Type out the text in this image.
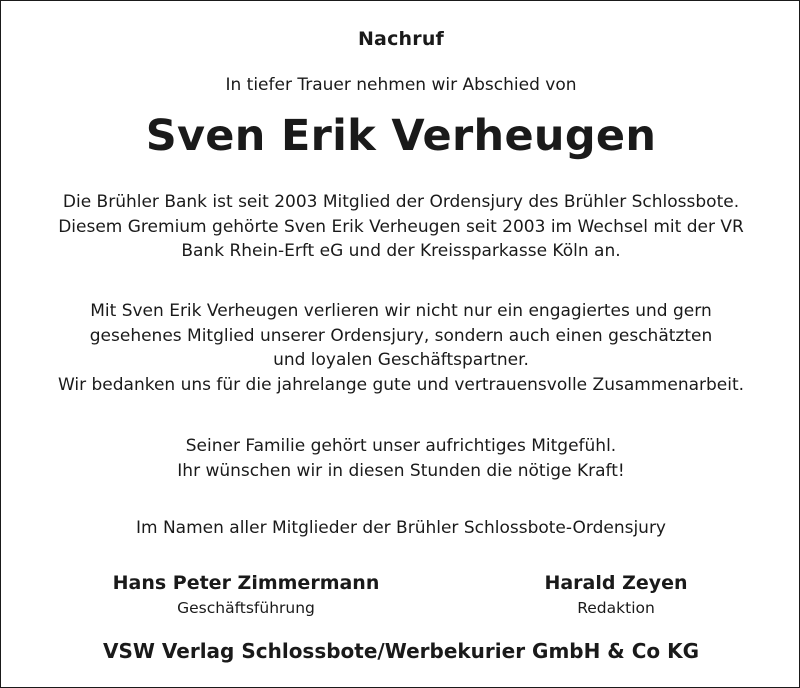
Nachruf
In tiefer Trauer nehmen wir Abschied von
Sven Erik Verheugen

Die Brühler Bank ist seit 2003 Mitglied der Ordensjury des Brühler Schlossbote.
Diesem Gremium gehörte Sven Erik Verheugen seit 2003 im Wechsel mit der VR
Bank Rhein-Erft eG und der Kreissparkasse Köln an.

Mit Sven Erik Verheugen verlieren wir nicht nur ein engagiertes und gern
gesehenes Mitglied unserer Ordensjury, sondern auch einen geschätzten
und loyalen Geschäftspartner.
Wir bedanken uns für die jahrelange gute und vertrauensvolle Zusammenarbeit.

Seiner Familie gehört unser aufrichtiges Mitgefühl.
Ihr wünschen wir in diesen Stunden die nötige Kraft!

Im Namen aller Mitglieder der Brühler Schlossbote-Ordensjury
Hans Peter Zimmermann
Geschäftsführung
Harald Zeyen
Redaktion
VSW Verlag Schlossbote/Werbekurier GmbH & Co KG
